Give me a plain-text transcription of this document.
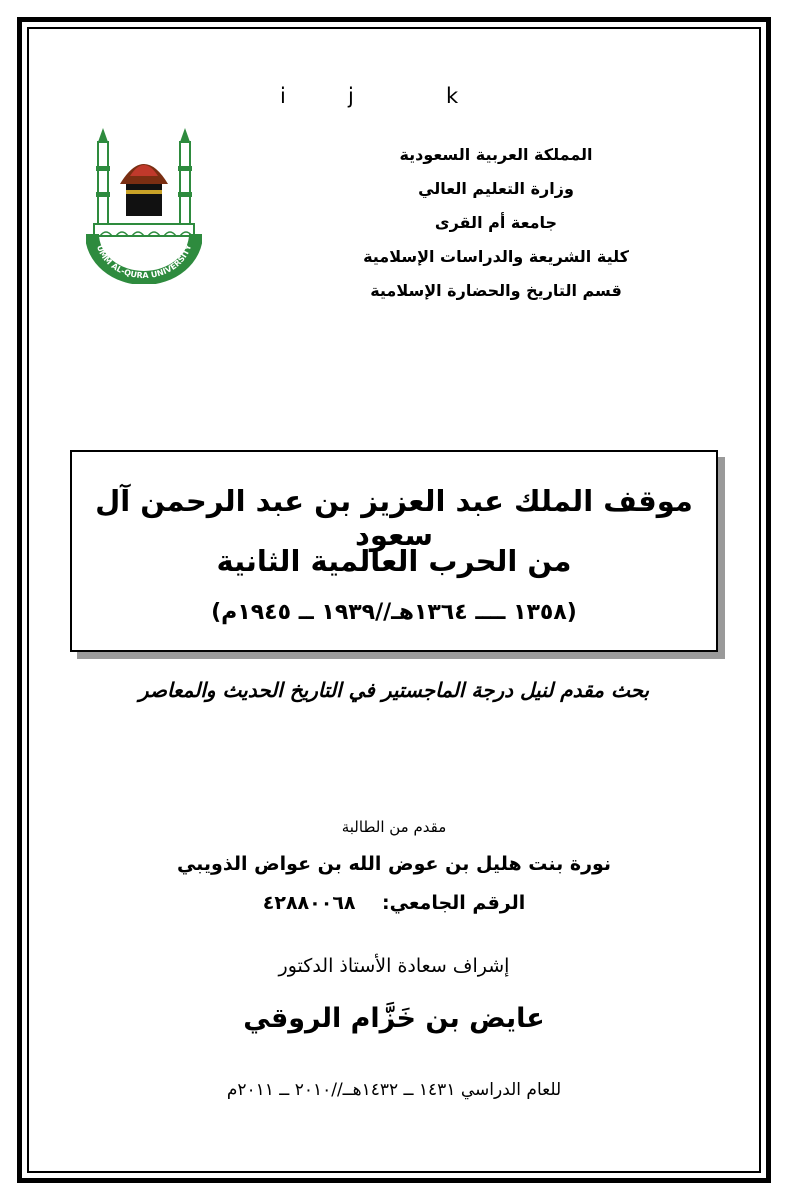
i	j	k
UMM AL-QURA UNIVERSITY
المملكة العربية السعودية
وزارة التعليم العالي
جامعة أم القرى
كلية الشريعة والدراسات الإسلامية
قسم التاريخ والحضارة الإسلامية
موقف الملك عبد العزيز بن عبد الرحمن آل سعود
من الحرب العالمية الثانية
(١٣٥٨ ــــ ١٣٦٤هـ//١٩٣٩ ــ ١٩٤٥م)
بحث مقدم لنيل درجة الماجستير في التاريخ الحديث والمعاصر
مقدم من الطالبة
نورة بنت هليل بن عوض الله بن عواض الذويبي
الرقم الجامعي:    ٤٢٨٨٠٠٦٨
إشراف سعادة الأستاذ الدكتور
عايض بن خَزَّام الروقي
للعام الدراسي ١٤٣١ ــ ١٤٣٢هــ//٢٠١٠ ــ ٢٠١١م
